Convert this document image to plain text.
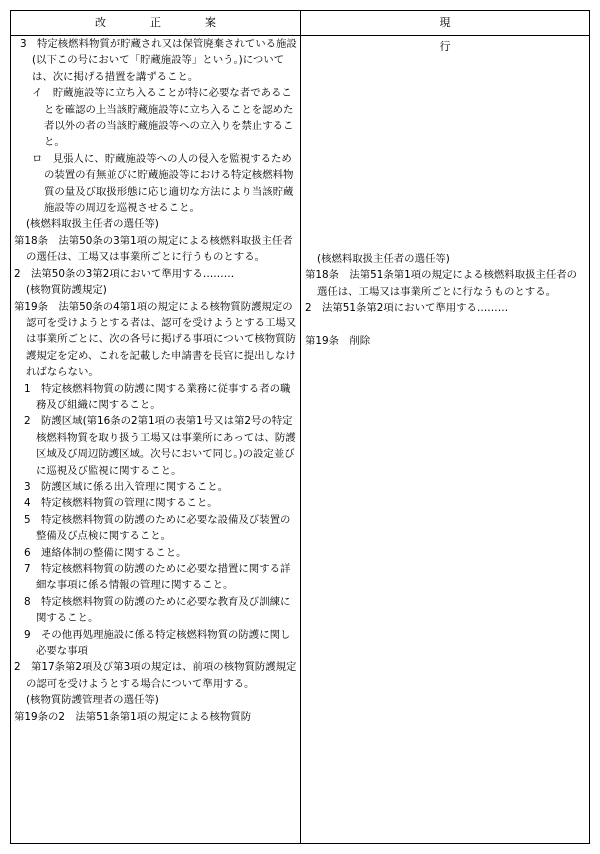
改正案	現行

3　特定核燃料物質が貯蔵され又は保管廃棄されている施設(以下この号において「貯蔵施設等」という。)については、次に掲げる措置を講ずること。

イ　貯蔵施設等に立ち入ることが特に必要な者であることを確認の上当該貯蔵施設等に立ち入ることを認めた者以外の者の当該貯蔵施設等への立入りを禁止すること。

ロ　見張人に、貯蔵施設等への人の侵入を監視するための装置の有無並びに貯蔵施設等における特定核燃料物質の量及び取扱形態に応じ適切な方法により当該貯蔵施設等の周辺を巡視させること。

(核燃料取扱主任者の選任等)

第18条　法第50条の3第1項の規定による核燃料取扱主任者の選任は、工場又は事業所ごとに行うものとする。

2　法第50条の3第2項において準用する………

(核物質防護規定)

第19条　法第50条の4第1項の規定による核物質防護規定の認可を受けようとする者は、認可を受けようとする工場又は事業所ごとに、次の各号に掲げる事項について核物質防護規定を定め、これを記載した申請書を長官に提出しなければならない。

1　特定核燃料物質の防護に関する業務に従事する者の職務及び組織に関すること。

2　防護区域(第16条の2第1項の表第1号又は第2号の特定核燃料物質を取り扱う工場又は事業所にあっては、防護区域及び周辺防護区域。次号において同じ。)の設定並びに巡視及び監視に関すること。

3　防護区域に係る出入管理に関すること。

4　特定核燃料物質の管理に関すること。

5　特定核燃料物質の防護のために必要な設備及び装置の整備及び点検に関すること。

6　連絡体制の整備に関すること。

7　特定核燃料物質の防護のために必要な措置に関する詳細な事項に係る情報の管理に関すること。

8　特定核燃料物質の防護のために必要な教育及び訓練に関すること。

9　その他再処理施設に係る特定核燃料物質の防護に関し必要な事項

2　第17条第2項及び第3項の規定は、前項の核物質防護規定の認可を受けようとする場合について準用する。

(核物質防護管理者の選任等)

第19条の2　法第51条第1項の規定による核物質防

(核燃料取扱主任者の選任等)

第18条　法第51条第1項の規定による核燃料取扱主任者の選任は、工場又は事業所ごとに行なうものとする。

2　法第51条第2項において準用する………

第19条　削除
